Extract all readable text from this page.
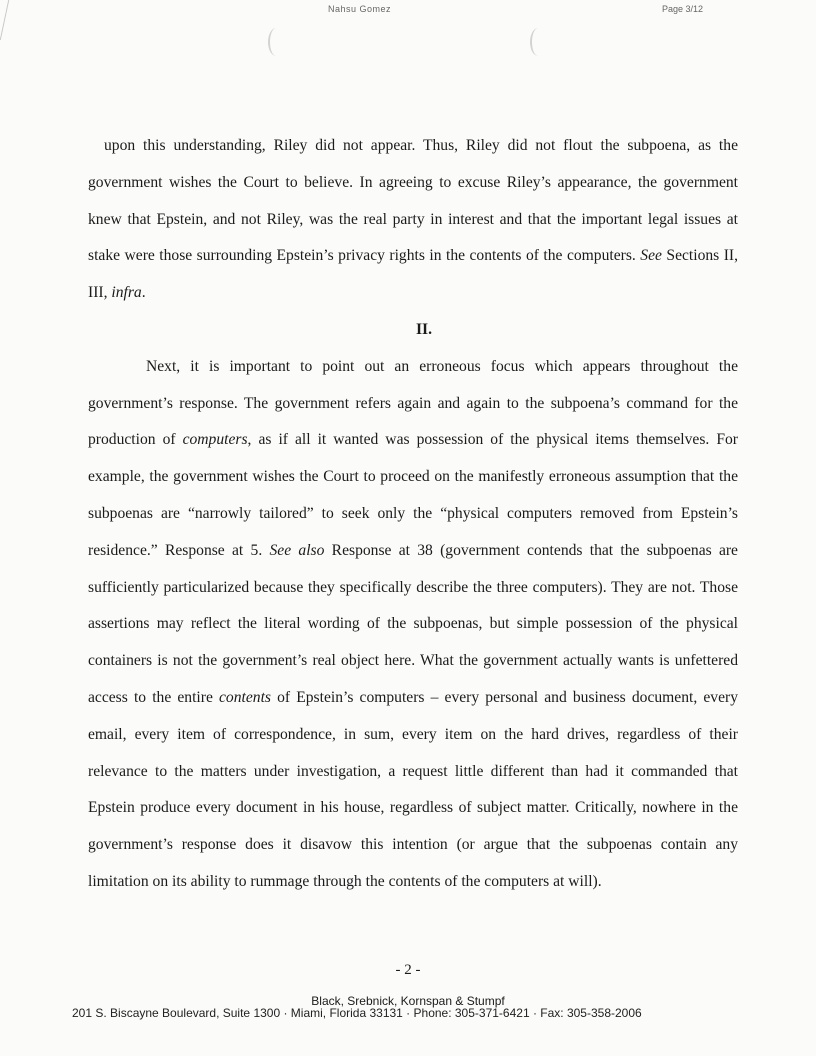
Nahsu Gomez	Page 3/12

upon this understanding, Riley did not appear. Thus, Riley did not flout the subpoena, as the government wishes the Court to believe. In agreeing to excuse Riley’s appearance, the government knew that Epstein, and not Riley, was the real party in interest and that the important legal issues at stake were those surrounding Epstein’s privacy rights in the contents of the computers. See Sections II, III, infra.

II.

Next, it is important to point out an erroneous focus which appears throughout the government’s response. The government refers again and again to the subpoena’s command for the production of computers, as if all it wanted was possession of the physical items themselves. For example, the government wishes the Court to proceed on the manifestly erroneous assumption that the subpoenas are “narrowly tailored” to seek only the “physical computers removed from Epstein’s residence.” Response at 5. See also Response at 38 (government contends that the subpoenas are sufficiently particularized because they specifically describe the three computers). They are not. Those assertions may reflect the literal wording of the subpoenas, but simple possession of the physical containers is not the government’s real object here. What the government actually wants is unfettered access to the entire contents of Epstein’s computers – every personal and business document, every email, every item of correspondence, in sum, every item on the hard drives, regardless of their relevance to the matters under investigation, a request little different than had it commanded that Epstein produce every document in his house, regardless of subject matter. Critically, nowhere in the government’s response does it disavow this intention (or argue that the subpoenas contain any limitation on its ability to rummage through the contents of the computers at will).

- 2 -
Black, Srebnick, Kornspan & Stumpf
201 S. Biscayne Boulevard, Suite 1300 · Miami, Florida 33131 · Phone: 305-371-6421 · Fax: 305-358-2006
